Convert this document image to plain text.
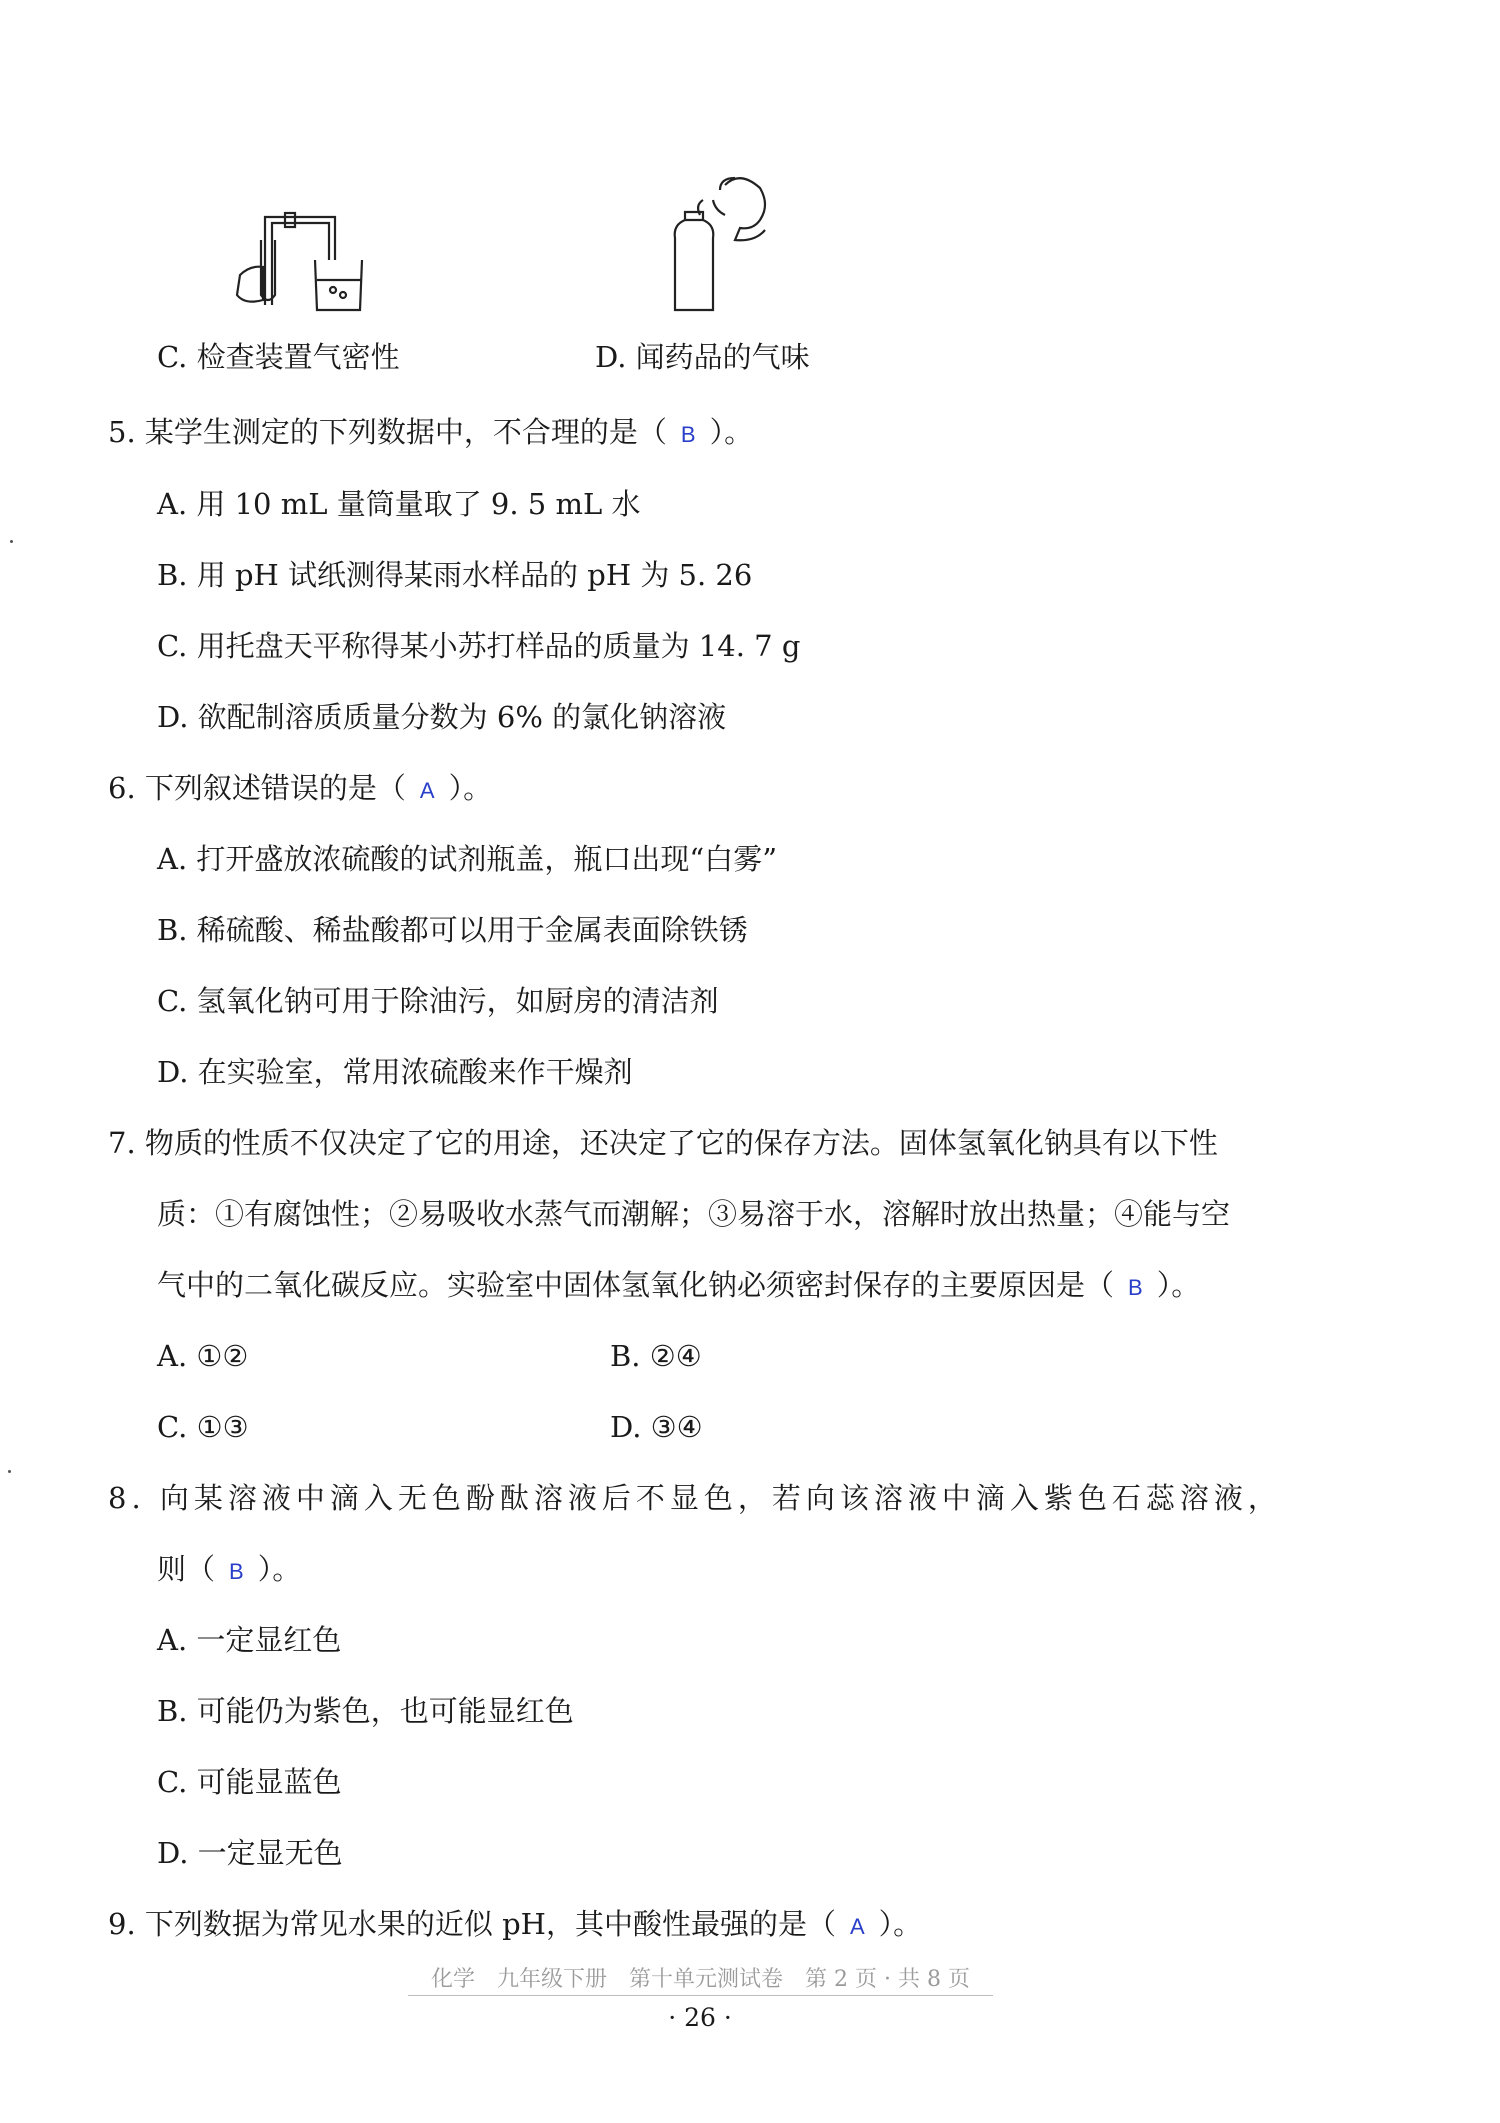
C. 检查装置气密性	D. 闻药品的气味
5. 某学生测定的下列数据中，不合理的是（ B ）。
A. 用 10 mL 量筒量取了 9. 5 mL 水
B. 用 pH 试纸测得某雨水样品的 pH 为 5. 26
C. 用托盘天平称得某小苏打样品的质量为 14. 7 g
D. 欲配制溶质质量分数为 6% 的氯化钠溶液
6. 下列叙述错误的是（ A ）。
A. 打开盛放浓硫酸的试剂瓶盖，瓶口出现“白雾”
B. 稀硫酸、稀盐酸都可以用于金属表面除铁锈
C. 氢氧化钠可用于除油污，如厨房的清洁剂
D. 在实验室，常用浓硫酸来作干燥剂
7. 物质的性质不仅决定了它的用途，还决定了它的保存方法。固体氢氧化钠具有以下性
质：①有腐蚀性；②易吸收水蒸气而潮解；③易溶于水，溶解时放出热量；④能与空
气中的二氧化碳反应。实验室中固体氢氧化钠必须密封保存的主要原因是（ B ）。
A. ①②	B. ②④
C. ①③	D. ③④
8. 向某溶液中滴入无色酚酞溶液后不显色，若向该溶液中滴入紫色石蕊溶液，
则（ B ）。
A. 一定显红色
B. 可能仍为紫色，也可能显红色
C. 可能显蓝色
D. 一定显无色
9. 下列数据为常见水果的近似 pH，其中酸性最强的是（ A ）。
化学　九年级下册　第十单元测试卷　第 2 页 · 共 8 页
· 26 ·
